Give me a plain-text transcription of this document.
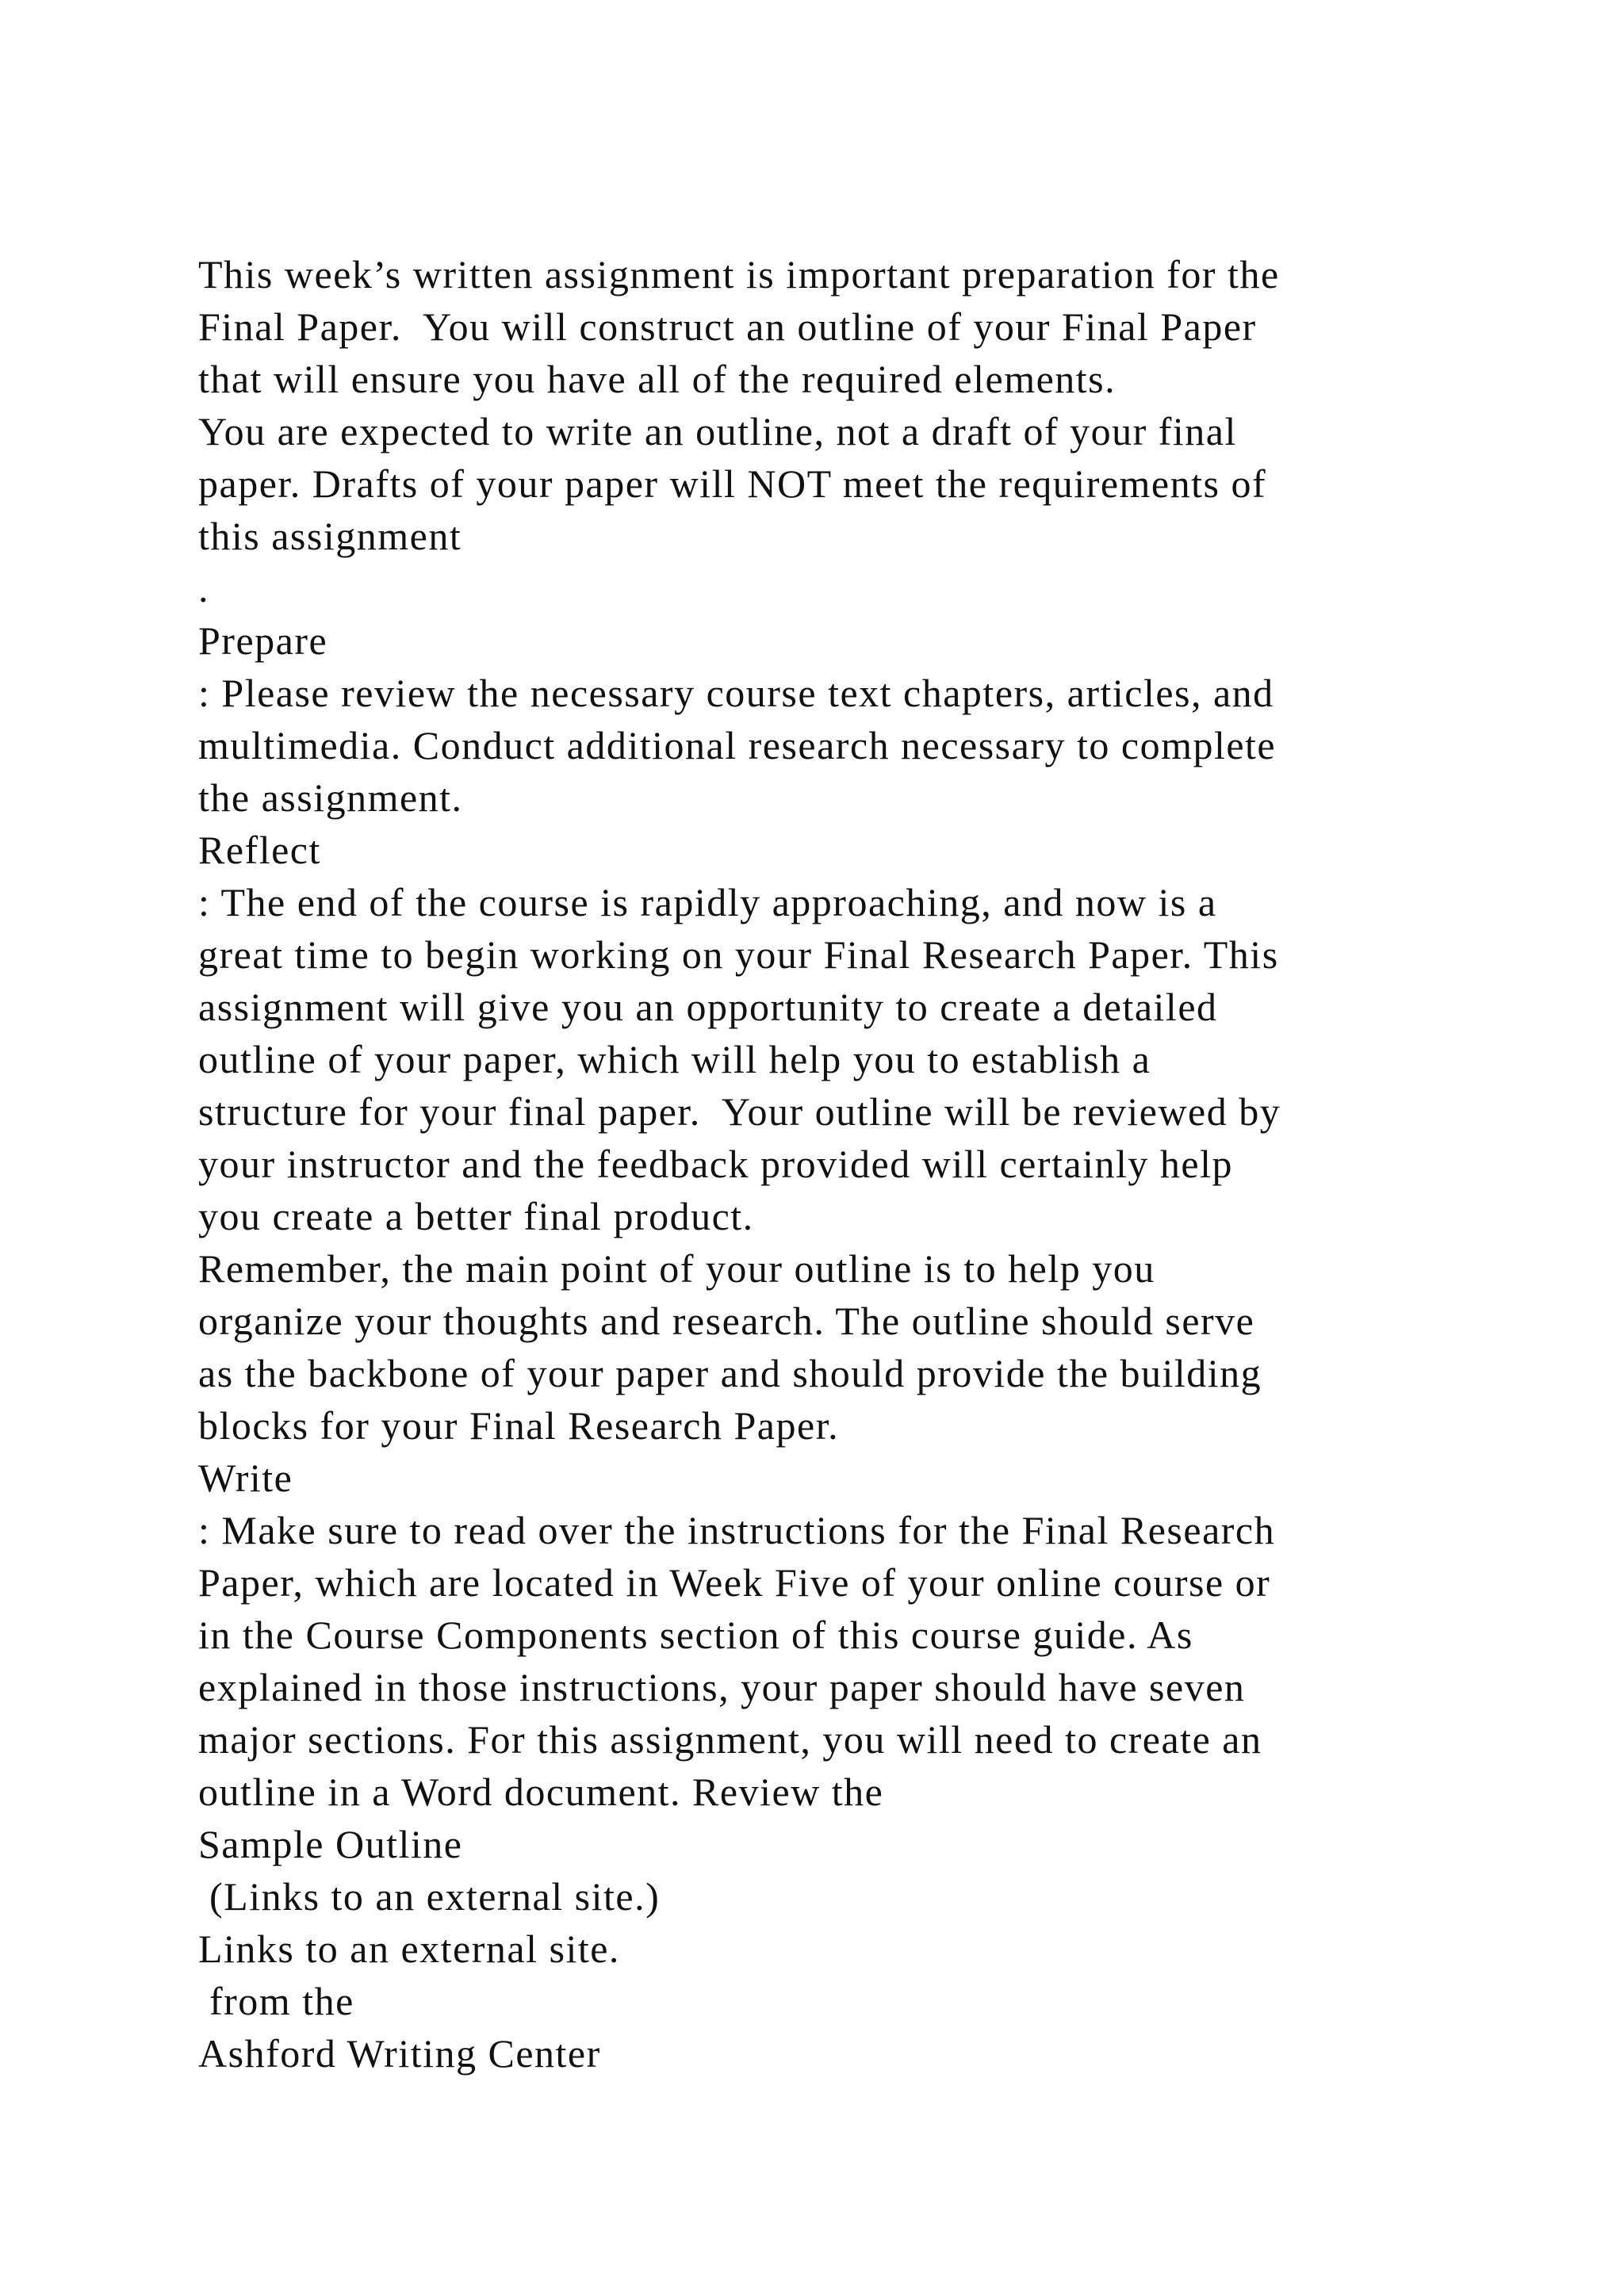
This week’s written assignment is important preparation for the
Final Paper.  You will construct an outline of your Final Paper
that will ensure you have all of the required elements.
You are expected to write an outline, not a draft of your final
paper. Drafts of your paper will NOT meet the requirements of
this assignment
.
Prepare
: Please review the necessary course text chapters, articles, and
multimedia. Conduct additional research necessary to complete
the assignment.
Reflect
: The end of the course is rapidly approaching, and now is a
great time to begin working on your Final Research Paper. This
assignment will give you an opportunity to create a detailed
outline of your paper, which will help you to establish a
structure for your final paper.  Your outline will be reviewed by
your instructor and the feedback provided will certainly help
you create a better final product.
Remember, the main point of your outline is to help you
organize your thoughts and research. The outline should serve
as the backbone of your paper and should provide the building
blocks for your Final Research Paper.
Write
: Make sure to read over the instructions for the Final Research
Paper, which are located in Week Five of your online course or
in the Course Components section of this course guide. As
explained in those instructions, your paper should have seven
major sections. For this assignment, you will need to create an
outline in a Word document. Review the
Sample Outline
(Links to an external site.)
Links to an external site.
from the
Ashford Writing Center
